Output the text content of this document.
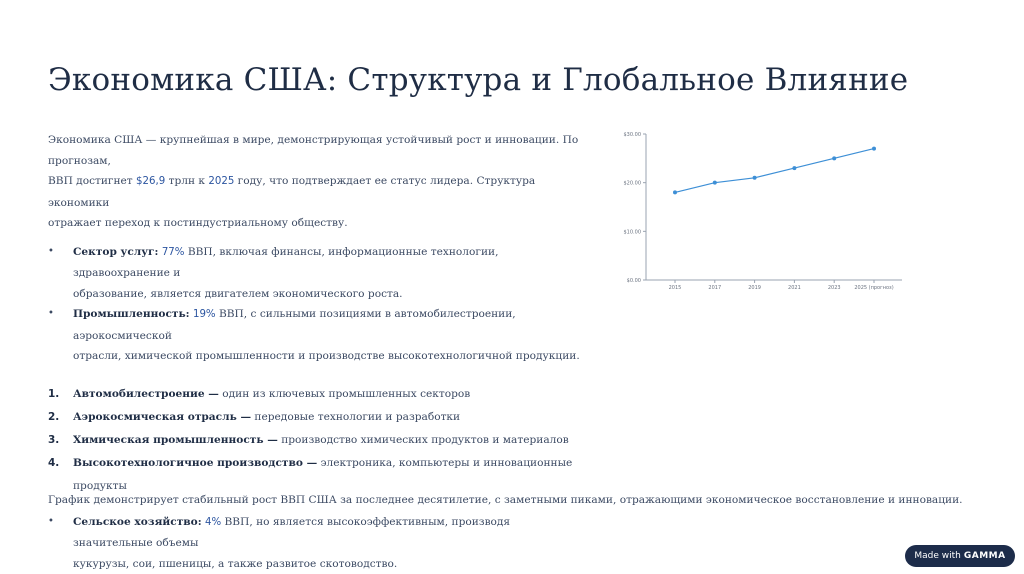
Экономика США: Структура и Глобальное Влияние

Экономика США — крупнейшая в мире, демонстрирующая устойчивый рост и инновации. По прогнозам,
ВВП достигнет $26,9 трлн к 2025 году, что подтверждает ее статус лидера. Структура экономики
отражает переход к постиндустриальному обществу.

• Сектор услуг: 77% ВВП, включая финансы, информационные технологии, здравоохранение и
образование, является двигателем экономического роста.

• Промышленность: 19% ВВП, с сильными позициями в автомобилестроении, аэрокосмической
отрасли, химической промышленности и производстве высокотехнологичной продукции.

1. Автомобилестроение — один из ключевых промышленных секторов

2. Аэрокосмическая отрасль — передовые технологии и разработки

3. Химическая промышленность — производство химических продуктов и материалов

4. Высокотехнологичное производство — электроника, компьютеры и инновационные продукты

• Сельское хозяйство: 4% ВВП, но является высокоэффективным, производя значительные объемы
кукурузы, сои, пшеницы, а также развитое скотоводство.

График демонстрирует стабильный рост ВВП США за последнее десятилетие, с заметными пиками, отражающими экономическое восстановление и инновации.
$0.00
$10.00
$20.00
$30.00
2015	2017	2019	2021	2023	2025 (прогноз)
Made with GAMMA
